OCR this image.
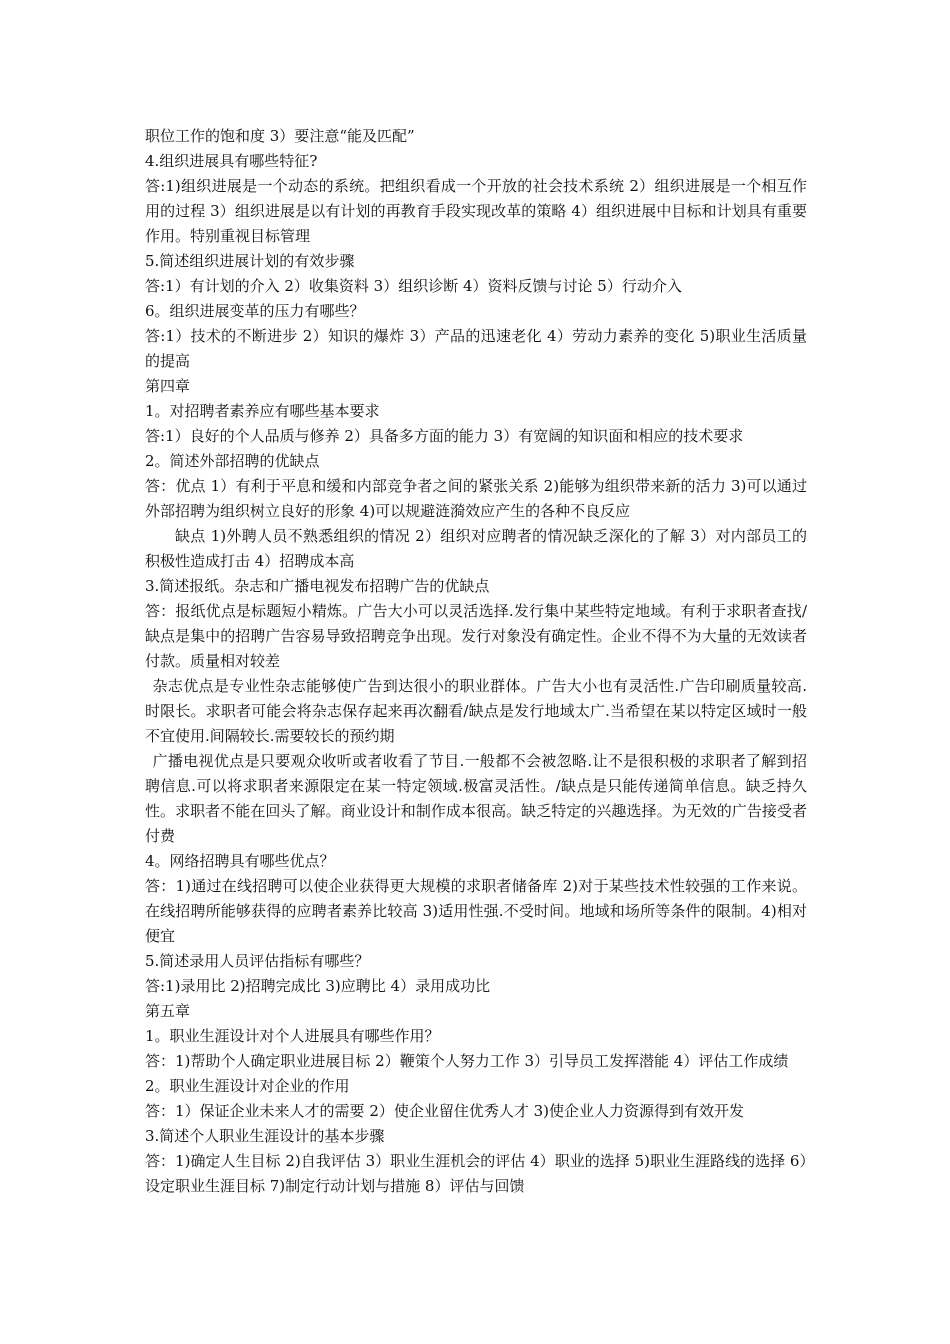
职位工作的饱和度 3）要注意“能及匹配”

4.组织进展具有哪些特征?

答:1)组织进展是一个动态的系统。把组织看成一个开放的社会技术系统 2）组织进展是一个相互作用的过程 3）组织进展是以有计划的再教育手段实现改革的策略 4）组织进展中目标和计划具有重要作用。特别重视目标管理

5.简述组织进展计划的有效步骤

答:1）有计划的介入 2）收集资料 3）组织诊断 4）资料反馈与讨论 5）行动介入

6。组织进展变革的压力有哪些？

答:1）技术的不断进步 2）知识的爆炸 3）产品的迅速老化 4）劳动力素养的变化 5)职业生活质量的提高

第四章

1。对招聘者素养应有哪些基本要求

答:1）良好的个人品质与修养 2）具备多方面的能力 3）有宽阔的知识面和相应的技术要求

2。简述外部招聘的优缺点

答：优点 1）有利于平息和缓和内部竞争者之间的紧张关系 2)能够为组织带来新的活力 3)可以通过外部招聘为组织树立良好的形象 4)可以规避涟漪效应产生的各种不良反应

缺点 1)外聘人员不熟悉组织的情况 2）组织对应聘者的情况缺乏深化的了解 3）对内部员工的积极性造成打击 4）招聘成本高

3.简述报纸。杂志和广播电视发布招聘广告的优缺点

答：报纸优点是标题短小精炼。广告大小可以灵活选择.发行集中某些特定地域。有利于求职者查找/缺点是集中的招聘广告容易导致招聘竞争出现。发行对象没有确定性。企业不得不为大量的无效读者付款。质量相对较差

杂志优点是专业性杂志能够使广告到达很小的职业群体。广告大小也有灵活性.广告印刷质量较高.时限长。求职者可能会将杂志保存起来再次翻看/缺点是发行地域太广.当希望在某以特定区域时一般不宜使用.间隔较长.需要较长的预约期

广播电视优点是只要观众收听或者收看了节目.一般都不会被忽略.让不是很积极的求职者了解到招聘信息.可以将求职者来源限定在某一特定领域.极富灵活性。/缺点是只能传递简单信息。缺乏持久性。求职者不能在回头了解。商业设计和制作成本很高。缺乏特定的兴趣选择。为无效的广告接受者付费

4。网络招聘具有哪些优点？

答：1)通过在线招聘可以使企业获得更大规模的求职者储备库 2)对于某些技术性较强的工作来说。在线招聘所能够获得的应聘者素养比较高 3)适用性强.不受时间。地域和场所等条件的限制。4)相对便宜

5.简述录用人员评估指标有哪些？

答:1)录用比 2)招聘完成比 3)应聘比 4）录用成功比

第五章

1。职业生涯设计对个人进展具有哪些作用？

答：1)帮助个人确定职业进展目标 2）鞭策个人努力工作 3）引导员工发挥潜能 4）评估工作成绩

2。职业生涯设计对企业的作用

答：1）保证企业未来人才的需要 2）使企业留住优秀人才 3)使企业人力资源得到有效开发

3.简述个人职业生涯设计的基本步骤

答：1)确定人生目标 2)自我评估 3）职业生涯机会的评估 4）职业的选择 5)职业生涯路线的选择 6）设定职业生涯目标 7)制定行动计划与措施 8）评估与回馈
